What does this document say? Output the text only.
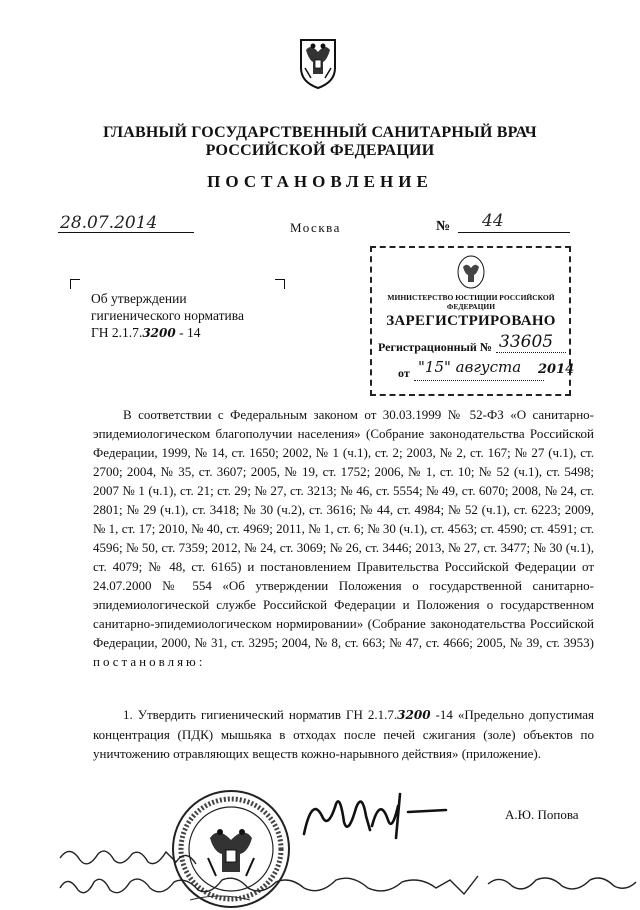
ГЛАВНЫЙ ГОСУДАРСТВЕННЫЙ САНИТАРНЫЙ ВРАЧ
РОССИЙСКОЙ ФЕДЕРАЦИИ
ПОСТАНОВЛЕНИЕ
28.07.2014	Москва	№ 44
Об утверждении
гигиенического норматива
ГН 2.1.7.3200 - 14
МИНИСТЕРСТВО ЮСТИЦИИ РОССИЙСКОЙ ФЕДЕРАЦИИ
ЗАРЕГИСТРИРОВАНО
Регистрационный № 33605
от "15" августа 2014
В соответствии с Федеральным законом от 30.03.1999 № 52-ФЗ «О санитарно-эпидемиологическом благополучии населения» (Собрание законодательства Российской Федерации, 1999, № 14, ст. 1650; 2002, № 1 (ч.1), ст. 2; 2003, № 2, ст. 167; № 27 (ч.1), ст. 2700; 2004, № 35, ст. 3607; 2005, № 19, ст. 1752; 2006, № 1, ст. 10; № 52 (ч.1), ст. 5498; 2007 № 1 (ч.1), ст. 21; ст. 29; № 27, ст. 3213; № 46, ст. 5554; № 49, ст. 6070; 2008, № 24, ст. 2801; № 29 (ч.1), ст. 3418; № 30 (ч.2), ст. 3616; № 44, ст. 4984; № 52 (ч.1), ст. 6223; 2009, № 1, ст. 17; 2010, № 40, ст. 4969; 2011, № 1, ст. 6; № 30 (ч.1), ст. 4563; ст. 4590; ст. 4591; ст. 4596; № 50, ст. 7359; 2012, № 24, ст. 3069; № 26, ст. 3446; 2013, № 27, ст. 3477; № 30 (ч.1), ст. 4079; № 48, ст. 6165) и постановлением Правительства Российской Федерации от 24.07.2000 № 554 «Об утверждении Положения о государственной санитарно-эпидемиологической службе Российской Федерации и Положения о государственном санитарно-эпидемиологическом нормировании» (Собрание законодательства Российской Федерации, 2000, № 31, ст. 3295; 2004, № 8, ст. 663; № 47, ст. 4666; 2005, № 39, ст. 3953) постановляю:
1. Утвердить гигиенический норматив ГН 2.1.7.3200 -14 «Предельно допустимая концентрация (ПДК) мышьяка в отходах после печей сжигания (золе) объектов по уничтожению отравляющих веществ кожно-нарывного действия» (приложение).
А.Ю. Попова
